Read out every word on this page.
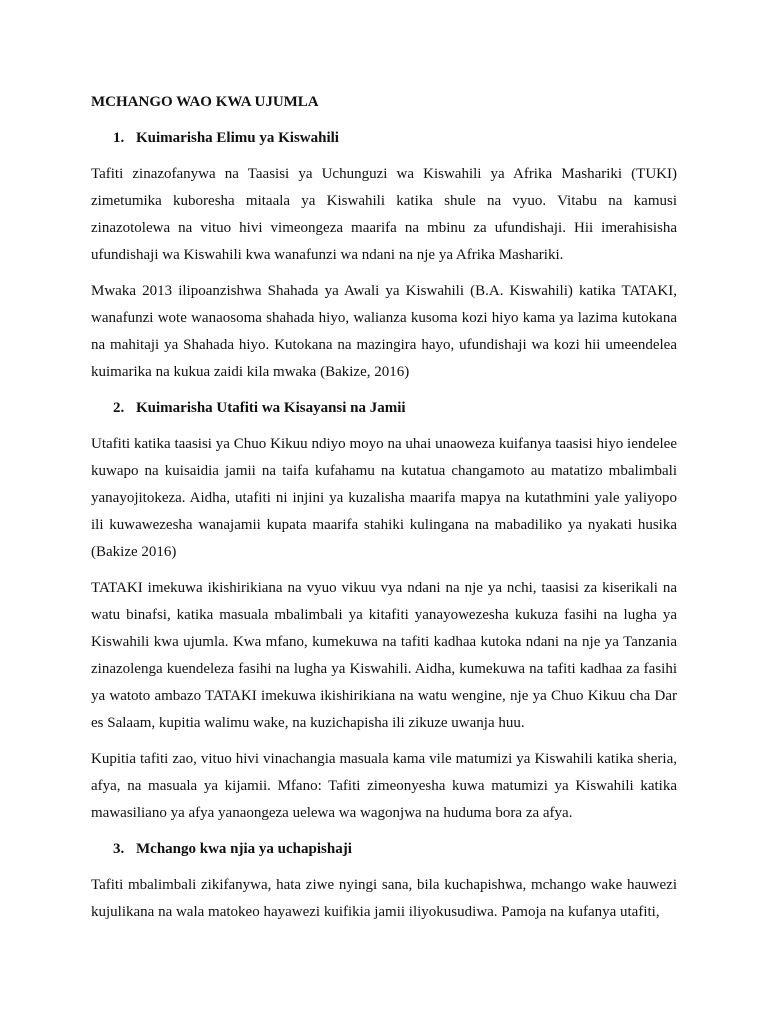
MCHANGO WAO KWA UJUMLA
1. Kuimarisha Elimu ya Kiswahili

Tafiti zinazofanywa na Taasisi ya Uchunguzi wa Kiswahili ya Afrika Mashariki (TUKI) zimetumika kuboresha mitaala ya Kiswahili katika shule na vyuo. Vitabu na kamusi zinazotolewa na vituo hivi vimeongeza maarifa na mbinu za ufundishaji. Hii imerahisisha ufundishaji wa Kiswahili kwa wanafunzi wa ndani na nje ya Afrika Mashariki.

Mwaka 2013 ilipoanzishwa Shahada ya Awali ya Kiswahili (B.A. Kiswahili) katika TATAKI, wanafunzi wote wanaosoma shahada hiyo, walianza kusoma kozi hiyo kama ya lazima kutokana na mahitaji ya Shahada hiyo. Kutokana na mazingira hayo, ufundishaji wa kozi hii umeendelea kuimarika na kukua zaidi kila mwaka (Bakize, 2016)

2. Kuimarisha Utafiti wa Kisayansi na Jamii

Utafiti katika taasisi ya Chuo Kikuu ndiyo moyo na uhai unaoweza kuifanya taasisi hiyo iendelee kuwapo na kuisaidia jamii na taifa kufahamu na kutatua changamoto au matatizo mbalimbali yanayojitokeza. Aidha, utafiti ni injini ya kuzalisha maarifa mapya na kutathmini yale yaliyopo ili kuwawezesha wanajamii kupata maarifa stahiki kulingana na mabadiliko ya nyakati husika (Bakize 2016)

TATAKI imekuwa ikishirikiana na vyuo vikuu vya ndani na nje ya nchi, taasisi za kiserikali na watu binafsi, katika masuala mbalimbali ya kitafiti yanayowezesha kukuza fasihi na lugha ya Kiswahili kwa ujumla. Kwa mfano, kumekuwa na tafiti kadhaa kutoka ndani na nje ya Tanzania zinazolenga kuendeleza fasihi na lugha ya Kiswahili. Aidha, kumekuwa na tafiti kadhaa za fasihi ya watoto ambazo TATAKI imekuwa ikishirikiana na watu wengine, nje ya Chuo Kikuu cha Dar es Salaam, kupitia walimu wake, na kuzichapisha ili zikuze uwanja huu.

Kupitia tafiti zao, vituo hivi vinachangia masuala kama vile matumizi ya Kiswahili katika sheria, afya, na masuala ya kijamii. Mfano: Tafiti zimeonyesha kuwa matumizi ya Kiswahili katika mawasiliano ya afya yanaongeza uelewa wa wagonjwa na huduma bora za afya.

3. Mchango kwa njia ya uchapishaji

Tafiti mbalimbali zikifanywa, hata ziwe nyingi sana, bila kuchapishwa, mchango wake hauwezi kujulikana na wala matokeo hayawezi kuifikia jamii iliyokusudiwa. Pamoja na kufanya utafiti,
